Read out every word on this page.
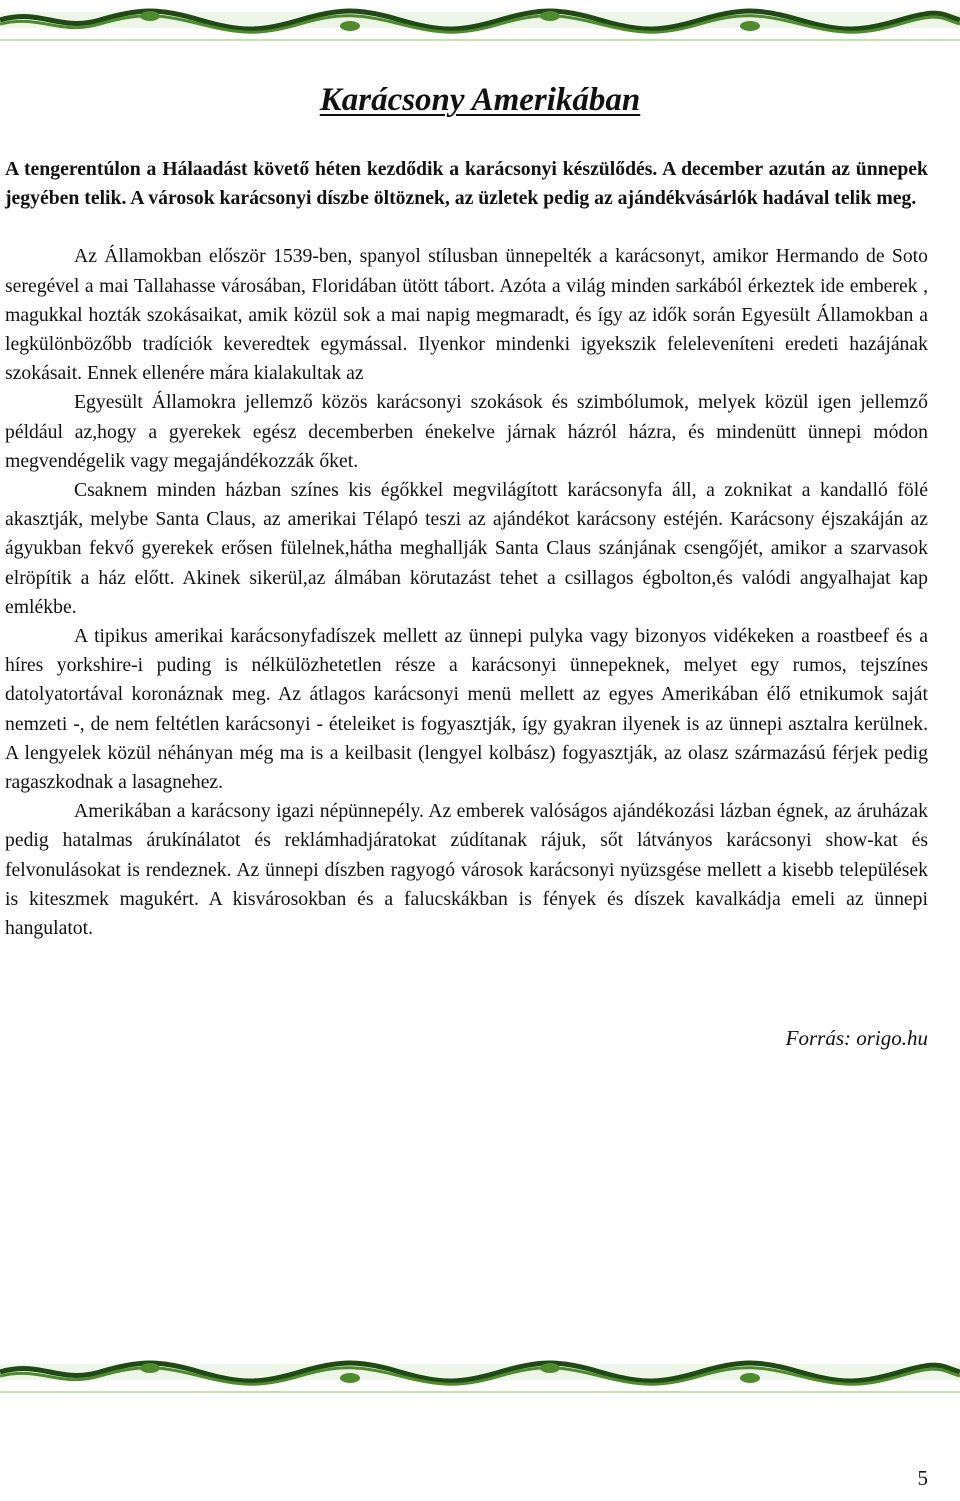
Karácsony Amerikában

A tengerentúlon a Hálaadást követő héten kezdődik a karácsonyi készülődés. A december azután az ünnepek jegyében telik. A városok karácsonyi díszbe öltöznek, az üzletek pedig az ajándékvásárlók hadával telik meg.

Az Államokban először 1539-ben, spanyol stílusban ünnepelték a karácsonyt, amikor Hermando de Soto seregével a mai Tallahasse városában, Floridában ütött tábort. Azóta a világ minden sarkából érkeztek ide emberek , magukkal hozták szokásaikat, amik közül sok a mai napig megmaradt, és így az idők során Egyesült Államokban a legkülönbözőbb tradíciók keveredtek egymással. Ilyenkor mindenki igyekszik feleleveníteni eredeti hazájának szokásait. Ennek ellenére mára kialakultak az

Egyesült Államokra jellemző közös karácsonyi szokások és szimbólumok, melyek közül igen jellemző például az,hogy a gyerekek egész decemberben énekelve járnak házról házra, és mindenütt ünnepi módon megvendégelik vagy megajándékozzák őket.

Csaknem minden házban színes kis égőkkel megvilágított karácsonyfa áll, a zoknikat a kandalló fölé akasztják, melybe Santa Claus, az amerikai Télapó teszi az ajándékot karácsony estéjén. Karácsony éjszakáján az ágyukban fekvő gyerekek erősen fülelnek,hátha meghallják Santa Claus szánjának csengőjét, amikor a szarvasok elröpítik a ház előtt. Akinek sikerül,az álmában körutazást tehet a csillagos égbolton,és valódi angyalhajat kap emlékbe.

A tipikus amerikai karácsonyfadíszek mellett az ünnepi pulyka vagy bizonyos vidékeken a roastbeef és a híres yorkshire-i puding is nélkülözhetetlen része a karácsonyi ünnepeknek, melyet egy rumos, tejszínes datolyatortával koronáznak meg. Az átlagos karácsonyi menü mellett az egyes Amerikában élő etnikumok saját nemzeti -, de nem feltétlen karácsonyi - ételeiket is fogyasztják, így gyakran ilyenek is az ünnepi asztalra kerülnek. A lengyelek közül néhányan még ma is a keilbasit (lengyel kolbász) fogyasztják, az olasz származású férjek pedig ragaszkodnak a lasagnehez.

Amerikában a karácsony igazi népünnepély. Az emberek valóságos ajándékozási lázban égnek, az áruházak pedig hatalmas árukínálatot és reklámhadjáratokat zúdítanak rájuk, sőt látványos karácsonyi show-kat és felvonulásokat is rendeznek. Az ünnepi díszben ragyogó városok karácsonyi nyüzsgése mellett a kisebb települések is kiteszmek magukért. A kisvárosokban és a falucskákban is fények és díszek kavalkádja emeli az ünnepi hangulatot.

Forrás: origo.hu
5
